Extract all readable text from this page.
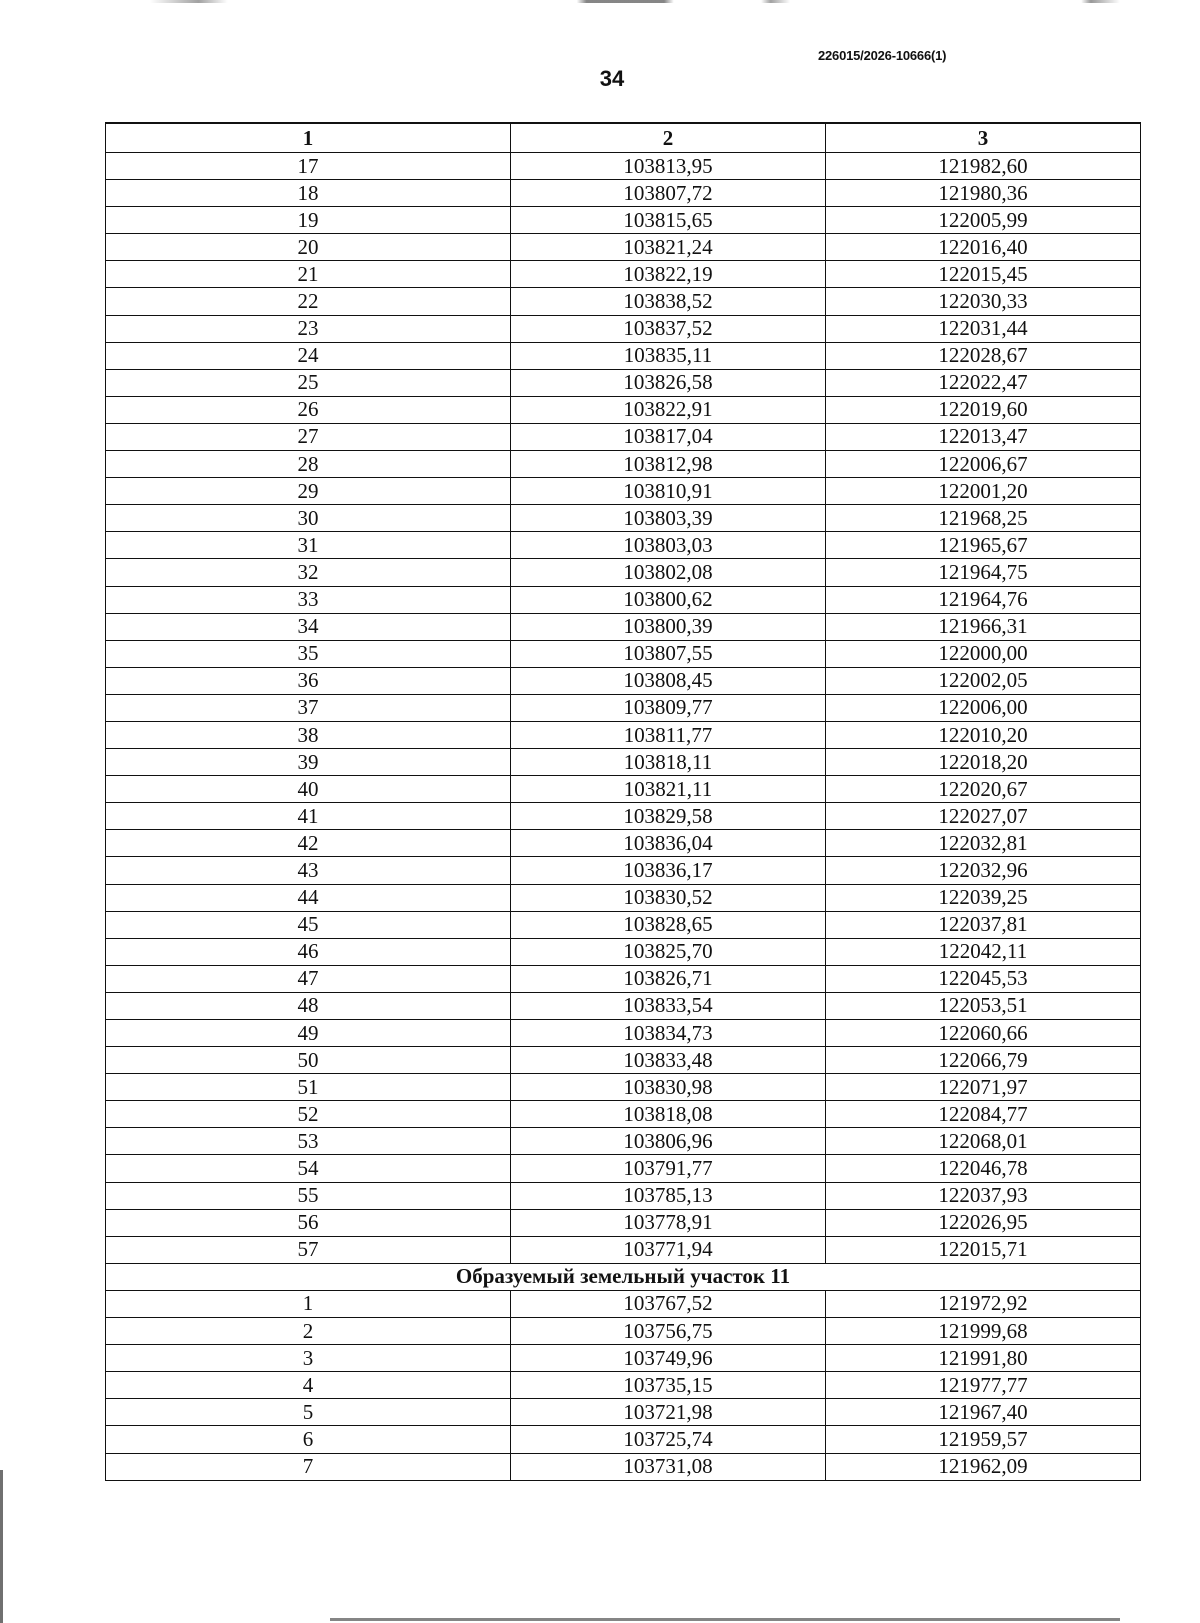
226015/2026-10666(1)
34
1	2	3
17	103813,95	121982,60
18	103807,72	121980,36
19	103815,65	122005,99
20	103821,24	122016,40
21	103822,19	122015,45
22	103838,52	122030,33
23	103837,52	122031,44
24	103835,11	122028,67
25	103826,58	122022,47
26	103822,91	122019,60
27	103817,04	122013,47
28	103812,98	122006,67
29	103810,91	122001,20
30	103803,39	121968,25
31	103803,03	121965,67
32	103802,08	121964,75
33	103800,62	121964,76
34	103800,39	121966,31
35	103807,55	122000,00
36	103808,45	122002,05
37	103809,77	122006,00
38	103811,77	122010,20
39	103818,11	122018,20
40	103821,11	122020,67
41	103829,58	122027,07
42	103836,04	122032,81
43	103836,17	122032,96
44	103830,52	122039,25
45	103828,65	122037,81
46	103825,70	122042,11
47	103826,71	122045,53
48	103833,54	122053,51
49	103834,73	122060,66
50	103833,48	122066,79
51	103830,98	122071,97
52	103818,08	122084,77
53	103806,96	122068,01
54	103791,77	122046,78
55	103785,13	122037,93
56	103778,91	122026,95
57	103771,94	122015,71
Образуемый земельный участок 11		
1	103767,52	121972,92
2	103756,75	121999,68
3	103749,96	121991,80
4	103735,15	121977,77
5	103721,98	121967,40
6	103725,74	121959,57
7	103731,08	121962,09
